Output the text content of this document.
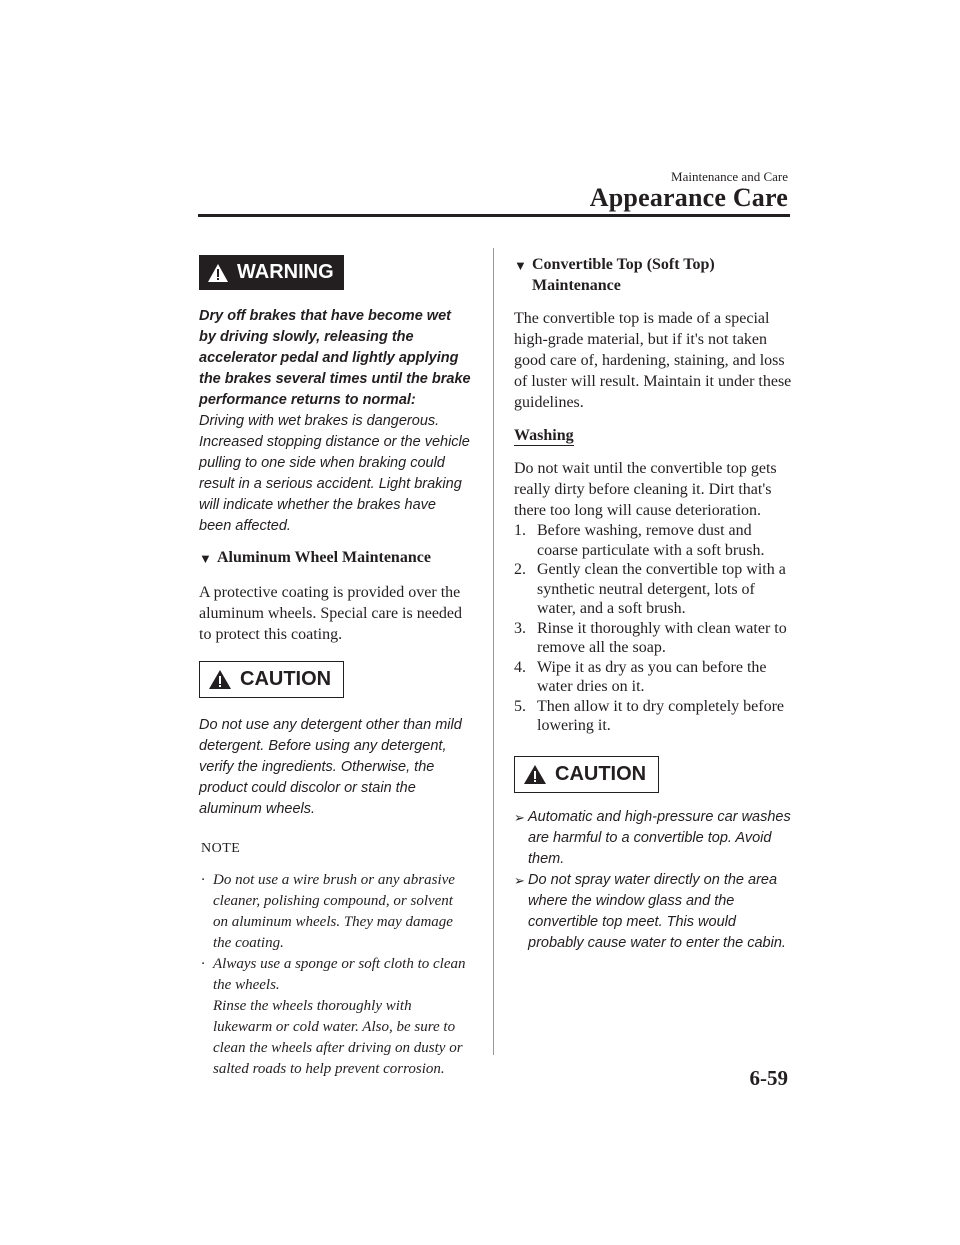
Maintenance and Care
Appearance Care
WARNING
Dry off brakes that have become wet by driving slowly, releasing the accelerator pedal and lightly applying the brakes several times until the brake performance returns to normal:
Driving with wet brakes is dangerous. Increased stopping distance or the vehicle pulling to one side when braking could result in a serious accident. Light braking will indicate whether the brakes have been affected.
▼ Aluminum Wheel Maintenance
A protective coating is provided over the aluminum wheels. Special care is needed to protect this coating.
CAUTION
Do not use any detergent other than mild detergent. Before using any detergent, verify the ingredients. Otherwise, the product could discolor or stain the aluminum wheels.
NOTE
· Do not use a wire brush or any abrasive cleaner, polishing compound, or solvent on aluminum wheels. They may damage the coating.
· Always use a sponge or soft cloth to clean the wheels.
Rinse the wheels thoroughly with lukewarm or cold water. Also, be sure to clean the wheels after driving on dusty or salted roads to help prevent corrosion.
▼ Convertible Top (Soft Top)
Maintenance
The convertible top is made of a special high-grade material, but if it's not taken good care of, hardening, staining, and loss of luster will result. Maintain it under these guidelines.
Washing
Do not wait until the convertible top gets really dirty before cleaning it. Dirt that's there too long will cause deterioration.
1. Before washing, remove dust and coarse particulate with a soft brush.
2. Gently clean the convertible top with a synthetic neutral detergent, lots of water, and a soft brush.
3. Rinse it thoroughly with clean water to remove all the soap.
4. Wipe it as dry as you can before the water dries on it.
5. Then allow it to dry completely before lowering it.
CAUTION
➢ Automatic and high-pressure car washes are harmful to a convertible top. Avoid them.
➢ Do not spray water directly on the area where the window glass and the convertible top meet. This would probably cause water to enter the cabin.
6-59
